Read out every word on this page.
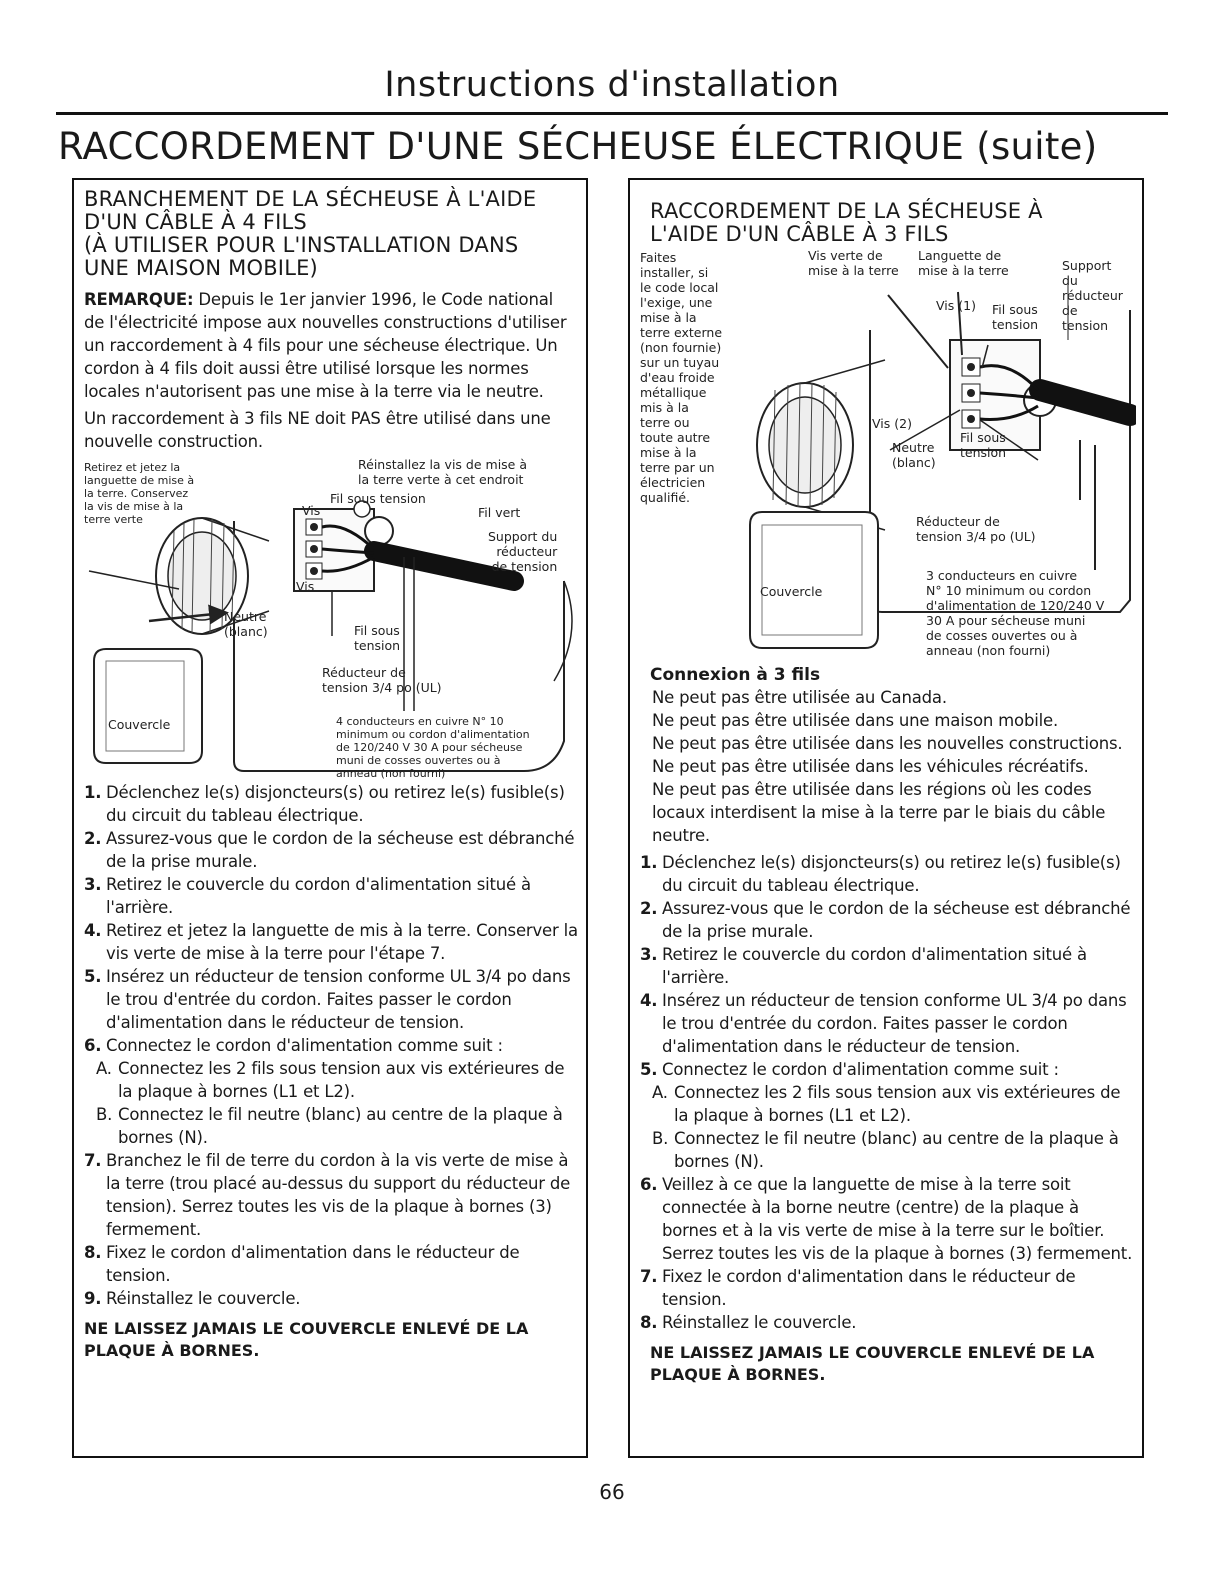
Instructions d'installation
RACCORDEMENT D'UNE SÉCHEUSE ÉLECTRIQUE (suite)
BRANCHEMENT DE LA SÉCHEUSE À L'AIDE
D'UN CÂBLE À 4 FILS
(À UTILISER POUR L'INSTALLATION DANS
UNE MAISON MOBILE)

REMARQUE: Depuis le 1er janvier 1996, le Code national de l'électricité impose aux nouvelles constructions d'utiliser un raccordement à 4 fils pour une sécheuse électrique. Un cordon à 4 fils doit aussi être utilisé lorsque les normes locales n'autorisent pas une mise à la terre via le neutre.

Un raccordement à 3 fils NE doit PAS être utilisé dans une nouvelle construction.

Retirez et jetez la
languette de mise à
la terre. Conservez
la vis de mise à la
terre verte
Réinstallez la vis de mise à
la terre verte à cet endroit
Fil sous tension
Vis	Fil vert
Support du
réducteur
de tension
Vis
Neutre
(blanc)	Fil sous
tension
Réducteur de
tension 3/4 po (UL)
Couvercle	4 conducteurs en cuivre N° 10
minimum ou cordon d'alimentation
de 120/240 V 30 A pour sécheuse
muni de cosses ouvertes ou à
anneau (non fourni)
1. Déclenchez le(s) disjoncteurs(s) ou retirez le(s) fusible(s) du circuit du tableau électrique.
2. Assurez-vous que le cordon de la sécheuse est débranché de la prise murale.
3. Retirez le couvercle du cordon d'alimentation situé à l'arrière.
4. Retirez et jetez la languette de mis à la terre. Conserver la vis verte de mise à la terre pour l'étape 7.
5. Insérez un réducteur de tension conforme UL 3/4 po dans le trou d'entrée du cordon. Faites passer le cordon d'alimentation dans le réducteur de tension.
6. Connectez le cordon d'alimentation comme suit :
A. Connectez les 2 fils sous tension aux vis extérieures de la plaque à bornes (L1 et L2).
B. Connectez le fil neutre (blanc) au centre de la plaque à bornes (N).
7. Branchez le fil de terre du cordon à la vis verte de mise à la terre (trou placé au-dessus du support du réducteur de tension). Serrez toutes les vis de la plaque à bornes (3) fermement.
8. Fixez le cordon d'alimentation dans le réducteur de tension.
9. Réinstallez le couvercle.
NE LAISSEZ JAMAIS LE COUVERCLE ENLEVÉ DE LA PLAQUE À BORNES.
RACCORDEMENT DE LA SÉCHEUSE À
L'AIDE D'UN CÂBLE À 3 FILS
Faites
installer, si
le code local
l'exige, une
mise à la
terre externe
(non fournie)
sur un tuyau
d'eau froide
métallique
mis à la
terre ou
toute autre
mise à la
terre par un
électricien
qualifié.
Vis verte de
mise à la terre
Languette de
mise à la terre	Support
du
réducteur
de
tension
Vis (1) Fil sous
tension
Vis (2)
Neutre
(blanc)
Fil sous
tension
Réducteur de
tension 3/4 po (UL)
Couvercle
3 conducteurs en cuivre
N° 10 minimum ou cordon
d'alimentation de 120/240 V
30 A pour sécheuse muni
de cosses ouvertes ou à
anneau (non fourni)
Connexion à 3 fils

Ne peut pas être utilisée au Canada.

Ne peut pas être utilisée dans une maison mobile.

Ne peut pas être utilisée dans les nouvelles constructions.

Ne peut pas être utilisée dans les véhicules récréatifs.

Ne peut pas être utilisée dans les régions où les codes locaux interdisent la mise à la terre par le biais du câble neutre.

1. Déclenchez le(s) disjoncteurs(s) ou retirez le(s) fusible(s) du circuit du tableau électrique.
2. Assurez-vous que le cordon de la sécheuse est débranché de la prise murale.
3. Retirez le couvercle du cordon d'alimentation situé à l'arrière.
4. Insérez un réducteur de tension conforme UL 3/4 po dans le trou d'entrée du cordon. Faites passer le cordon d'alimentation dans le réducteur de tension.
5. Connectez le cordon d'alimentation comme suit :
A. Connectez les 2 fils sous tension aux vis extérieures de la plaque à bornes (L1 et L2).
B. Connectez le fil neutre (blanc) au centre de la plaque à bornes (N).
6. Veillez à ce que la languette de mise à la terre soit connectée à la borne neutre (centre) de la plaque à bornes et à la vis verte de mise à la terre sur le boîtier. Serrez toutes les vis de la plaque à bornes (3) fermement.
7. Fixez le cordon d'alimentation dans le réducteur de tension.
8. Réinstallez le couvercle.
NE LAISSEZ JAMAIS LE COUVERCLE ENLEVÉ DE LA PLAQUE À BORNES.
66
